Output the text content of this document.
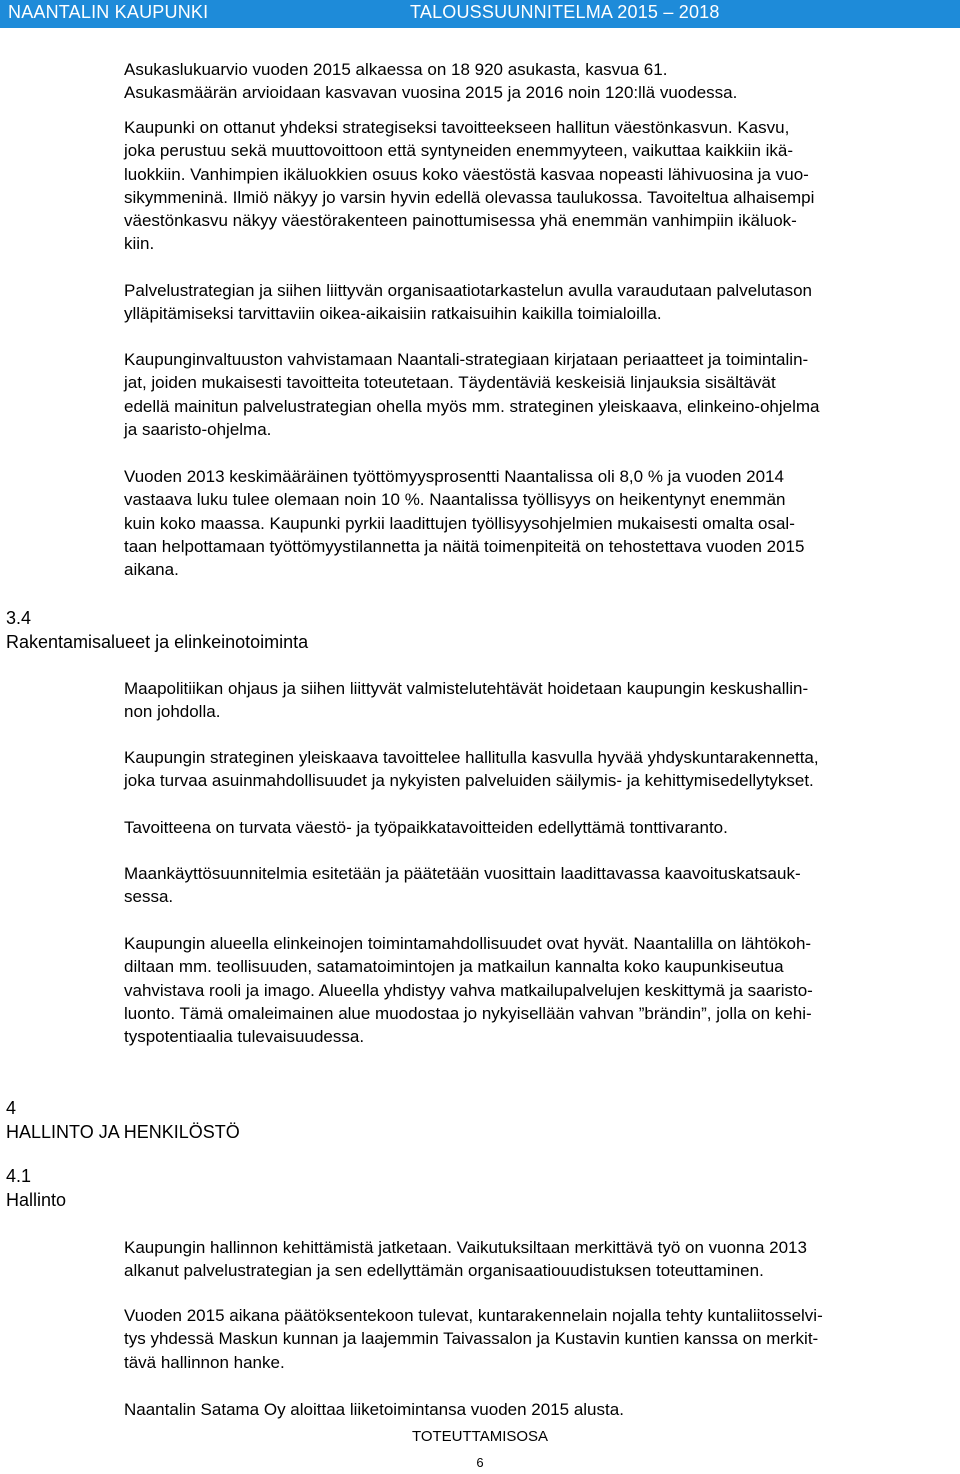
NAANTALIN KAUPUNKI	TALOUSSUUNNITELMA 2015 – 2018
Asukaslukuarvio vuoden 2015 alkaessa on 18 920 asukasta, kasvua 61.
Asukasmäärän arvioidaan kasvavan vuosina 2015 ja 2016 noin 120:llä vuodessa.
Kaupunki on ottanut yhdeksi strategiseksi tavoitteekseen hallitun väestönkasvun. Kasvu,
joka perustuu sekä muuttovoittoon että syntyneiden enemmyyteen, vaikuttaa kaikkiin ikä-
luokkiin. Vanhimpien ikäluokkien osuus koko väestöstä kasvaa nopeasti lähivuosina ja vuo-
sikymmeninä. Ilmiö näkyy jo varsin hyvin edellä olevassa taulukossa. Tavoiteltua alhaisempi
väestönkasvu näkyy väestörakenteen painottumisessa yhä enemmän vanhimpiin ikäluok-
kiin.
Palvelustrategian ja siihen liittyvän organisaatiotarkastelun avulla varaudutaan palvelutason
ylläpitämiseksi tarvittaviin oikea-aikaisiin ratkaisuihin kaikilla toimialoilla.
Kaupunginvaltuuston vahvistamaan Naantali-strategiaan kirjataan periaatteet ja toimintalin-
jat, joiden mukaisesti tavoitteita toteutetaan. Täydentäviä keskeisiä linjauksia sisältävät
edellä mainitun palvelustrategian ohella myös mm. strateginen yleiskaava, elinkeino-ohjelma
ja saaristo-ohjelma.
Vuoden 2013 keskimääräinen työttömyysprosentti Naantalissa oli 8,0 % ja vuoden 2014
vastaava luku tulee olemaan noin 10 %. Naantalissa työllisyys on heikentynyt enemmän
kuin koko maassa. Kaupunki pyrkii laadittujen työllisyysohjelmien mukaisesti omalta osal-
taan helpottamaan työttömyystilannetta ja näitä toimenpiteitä on tehostettava vuoden 2015
aikana.
3.4
Rakentamisalueet ja elinkeinotoiminta
Maapolitiikan ohjaus ja siihen liittyvät valmistelutehtävät hoidetaan kaupungin keskushallin-
non johdolla.
Kaupungin strateginen yleiskaava tavoittelee hallitulla kasvulla hyvää yhdyskuntarakennetta,
joka turvaa asuinmahdollisuudet ja nykyisten palveluiden säilymis- ja kehittymisedellytykset.
Tavoitteena on turvata väestö- ja työpaikkatavoitteiden edellyttämä tonttivaranto.
Maankäyttösuunnitelmia esitetään ja päätetään vuosittain laadittavassa kaavoituskatsauk-
sessa.
Kaupungin alueella elinkeinojen toimintamahdollisuudet ovat hyvät. Naantalilla on lähtökoh-
diltaan mm. teollisuuden, satamatoimintojen ja matkailun kannalta koko kaupunkiseutua
vahvistava rooli ja imago. Alueella yhdistyy vahva matkailupalvelujen keskittymä ja saaristo-
luonto. Tämä omaleimainen alue muodostaa jo nykyisellään vahvan ”brändin”, jolla on kehi-
tyspotentiaalia tulevaisuudessa.
4
HALLINTO JA HENKILÖSTÖ
4.1
Hallinto
Kaupungin hallinnon kehittämistä jatketaan. Vaikutuksiltaan merkittävä työ on vuonna 2013
alkanut palvelustrategian ja sen edellyttämän organisaatiouudistuksen toteuttaminen.
Vuoden 2015 aikana päätöksentekoon tulevat, kuntarakennelain nojalla tehty kuntaliitosselvi-
tys yhdessä Maskun kunnan ja laajemmin Taivassalon ja Kustavin kuntien kanssa on merkit-
tävä hallinnon hanke.
Naantalin Satama Oy aloittaa liiketoimintansa vuoden 2015 alusta.
TOTEUTTAMISOSA
6
